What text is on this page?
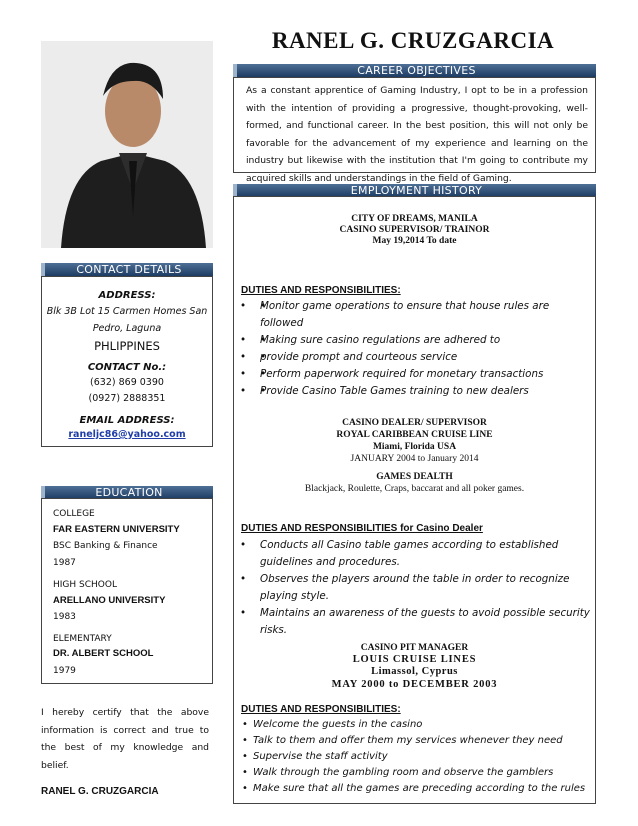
RANEL G. CRUZGARCIA
CAREER OBJECTIVES
As a constant apprentice of Gaming Industry, I opt to be in a profession with the intention of providing a progressive, thought-provoking, well-formed, and functional career. In the best position, this will not only be favorable for the advancement of my experience and learning on the industry but likewise with the institution that I'm going to contribute my acquired skills and understandings in the field of Gaming.
EMPLOYMENT HISTORY
CITY OF DREAMS, MANILA
CASINO SUPERVISOR/ TRAINOR
May 19,2014 To date
DUTIES AND RESPONSIBILITIES:
• • Monitor game operations to ensure that house rules are followed
• • Making sure casino regulations are adhered to
• • provide prompt and courteous service
• • Perform paperwork required for monetary transactions
• • Provide Casino Table Games training to new dealers
CASINO DEALER/ SUPERVISOR
ROYAL CARIBBEAN CRUISE LINE
Miami, Florida USA
JANUARY 2004 to January 2014
GAMES DEALTH
Blackjack, Roulette, Craps, baccarat and all poker games.
DUTIES AND RESPONSIBILITIES for Casino Dealer
• Conducts all Casino table games according to established guidelines and procedures.
• Observes the players around the table in order to recognize playing style.
• Maintains an awareness of the guests to avoid possible security risks.
CASINO PIT MANAGER
LOUIS CRUISE LINES
Limassol, Cyprus
MAY 2000 to DECEMBER 2003
DUTIES AND RESPONSIBILITIES:
• Welcome the guests in the casino
• Talk to them and offer them my services whenever they need
• Supervise the staff activity
• Walk through the gambling room and observe the gamblers
• Make sure that all the games are preceding according to the rules
CONTACT DETAILS
ADDRESS:
Blk 3B Lot 15 Carmen Homes San
Pedro, Laguna
PHLIPPINES
CONTACT No.:
(632) 869 0390
(0927) 2888351
EMAIL ADDRESS:
raneljc86@yahoo.com
EDUCATION
COLLEGE
FAR EASTERN UNIVERSITY
BSC Banking & Finance
1987
HIGH SCHOOL
ARELLANO UNIVERSITY
1983
ELEMENTARY
DR. ALBERT SCHOOL
1979
I hereby certify that the above information is correct and true to the best of my knowledge and belief.
RANEL G. CRUZGARCIA
